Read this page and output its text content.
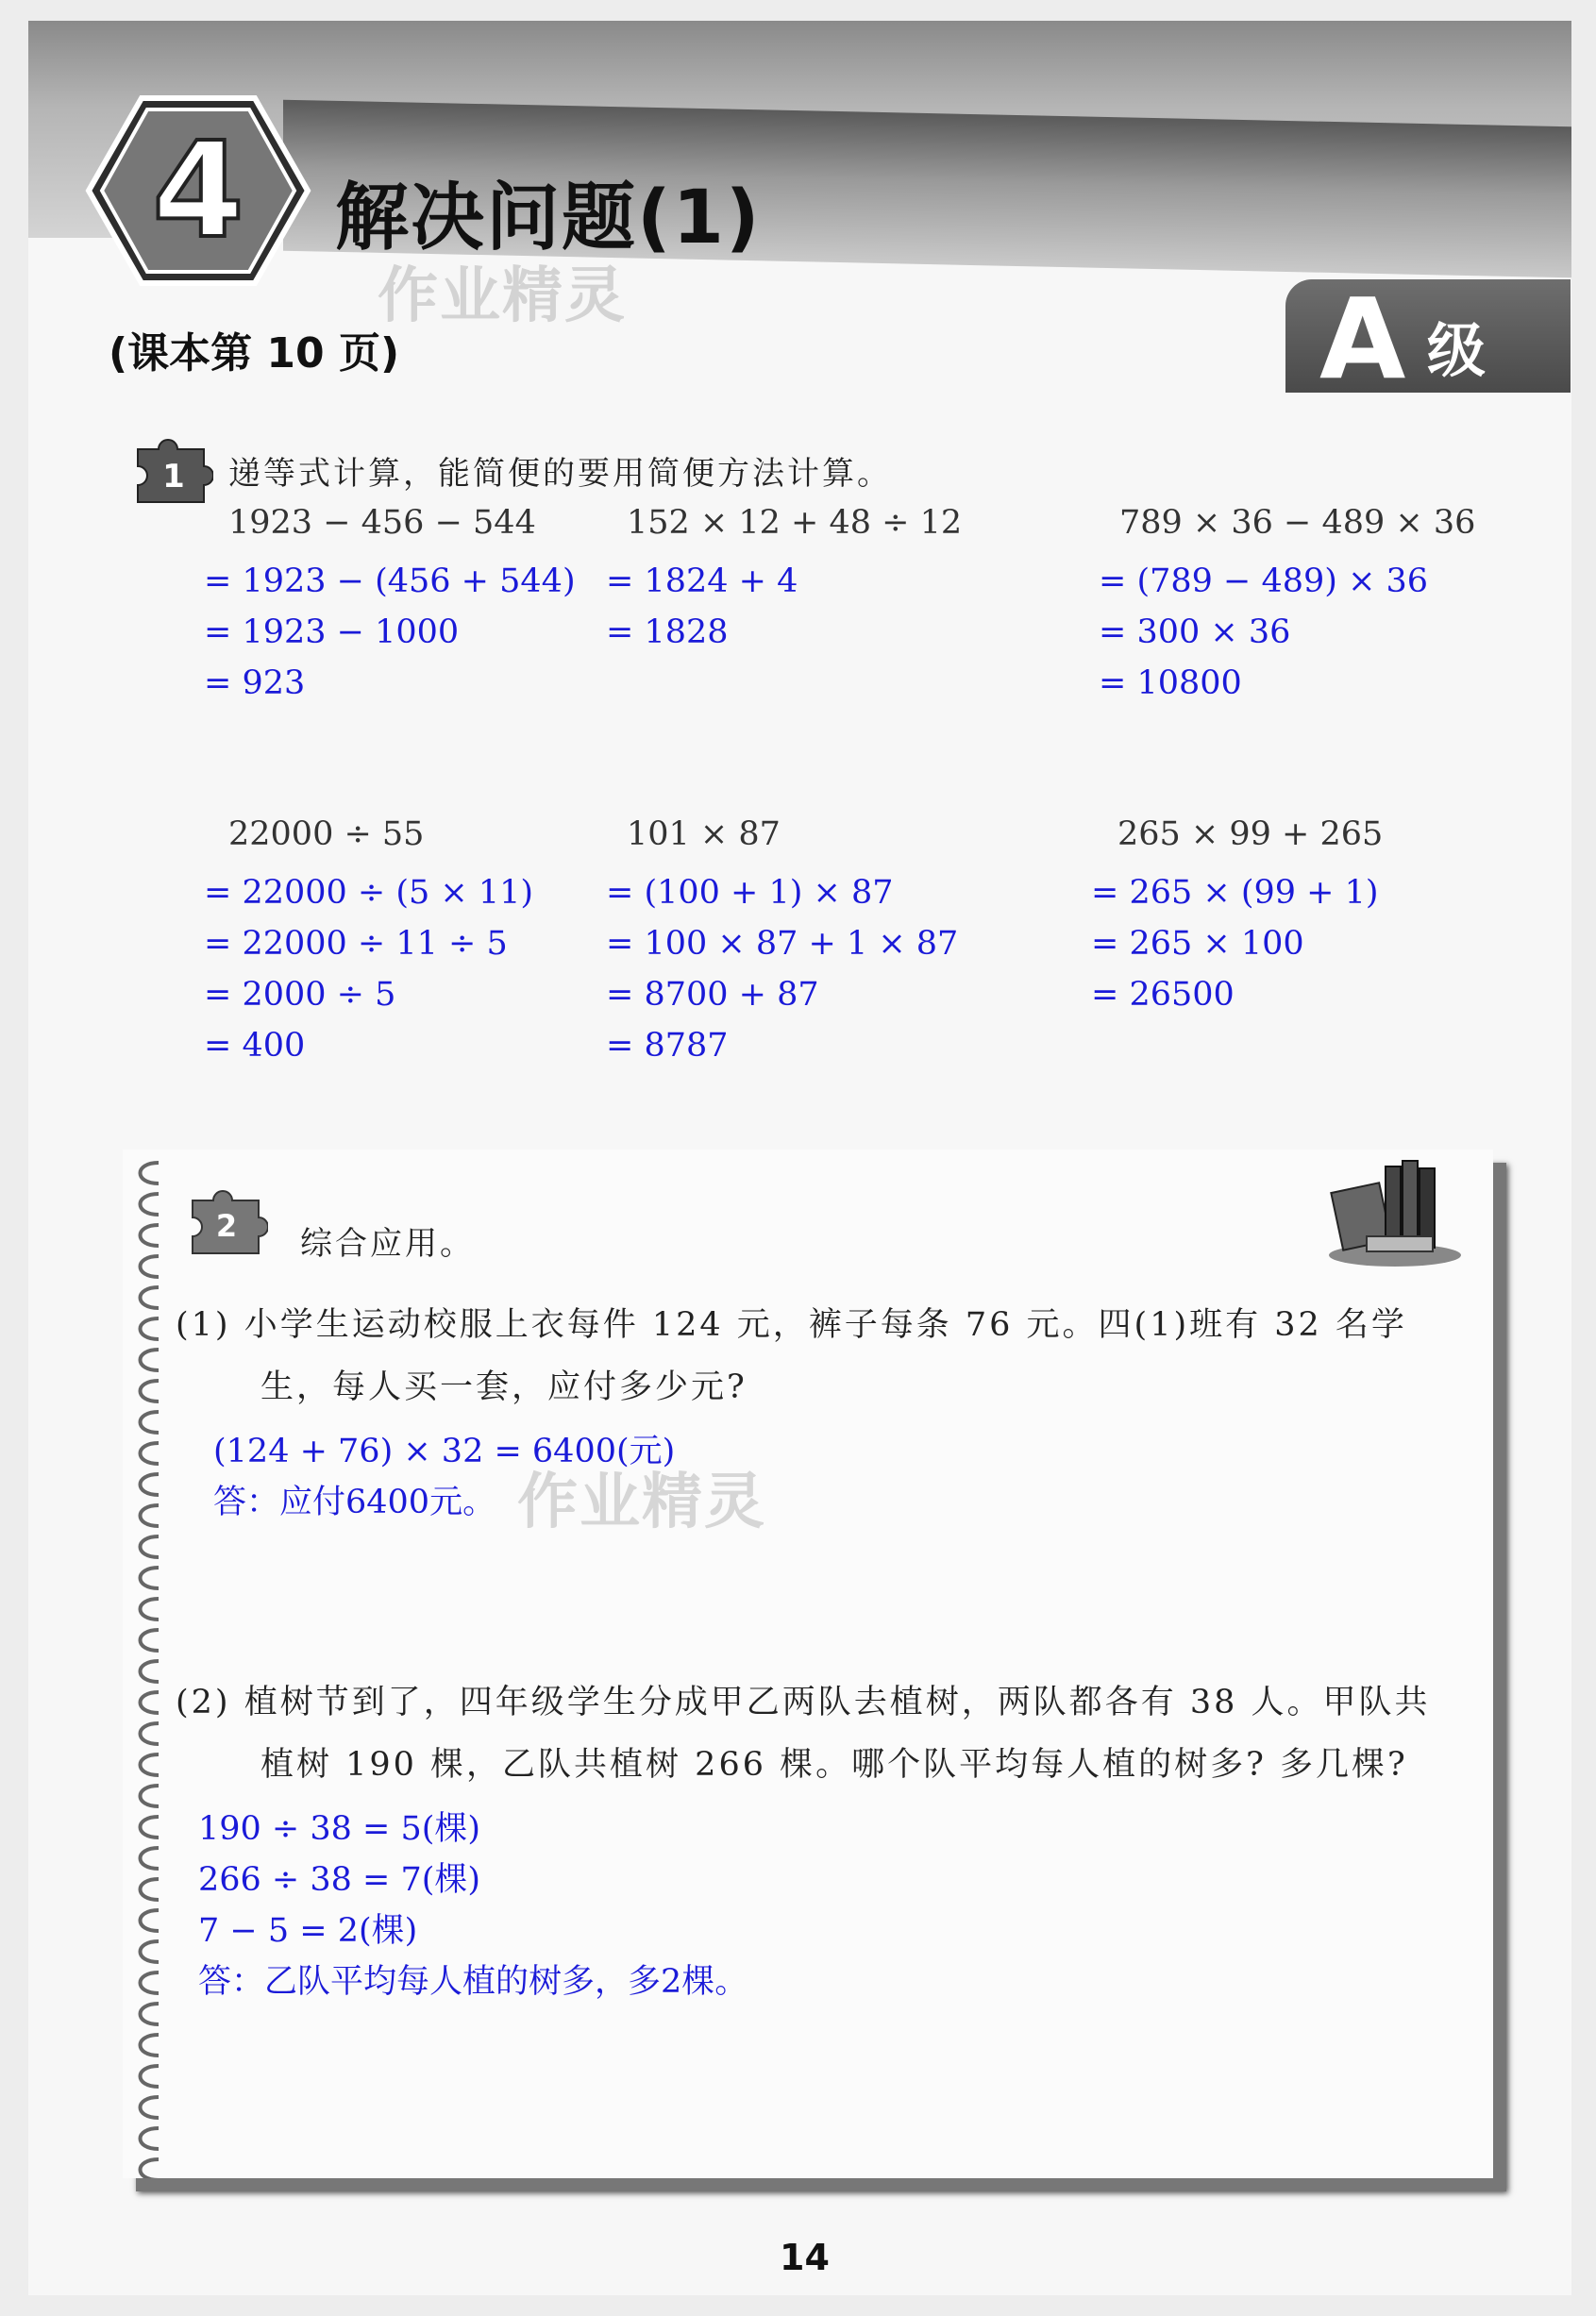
4 解决问题(1)
作业精灵
(课本第 10 页)	A 级
1 递等式计算，能简便的要用简便方法计算。
1923 − 456 − 544
= 1923 − (456 + 544)
= 1923 − 1000
= 923
152 × 12 + 48 ÷ 12
= 1824 + 4
= 1828
789 × 36 − 489 × 36
= (789 − 489) × 36
= 300 × 36
= 10800
22000 ÷ 55
= 22000 ÷ (5 × 11)
= 22000 ÷ 11 ÷ 5
= 2000 ÷ 5
= 400
101 × 87
= (100 + 1) × 87
= 100 × 87 + 1 × 87
= 8700 + 87
= 8787
265 × 99 + 265
= 265 × (99 + 1)
= 265 × 100
= 26500
2 综合应用。
(1) 小学生运动校服上衣每件 124 元，裤子每条 76 元。四(1)班有 32 名学
生，每人买一套，应付多少元?
(124 + 76) × 32 = 6400(元)
答：应付6400元。 作业精灵
(2) 植树节到了，四年级学生分成甲乙两队去植树，两队都各有 38 人。甲队共
植树 190 棵，乙队共植树 266 棵。哪个队平均每人植的树多? 多几棵?
190 ÷ 38 = 5(棵)
266 ÷ 38 = 7(棵)
7 − 5 = 2(棵)
答：乙队平均每人植的树多，多2棵。
14
